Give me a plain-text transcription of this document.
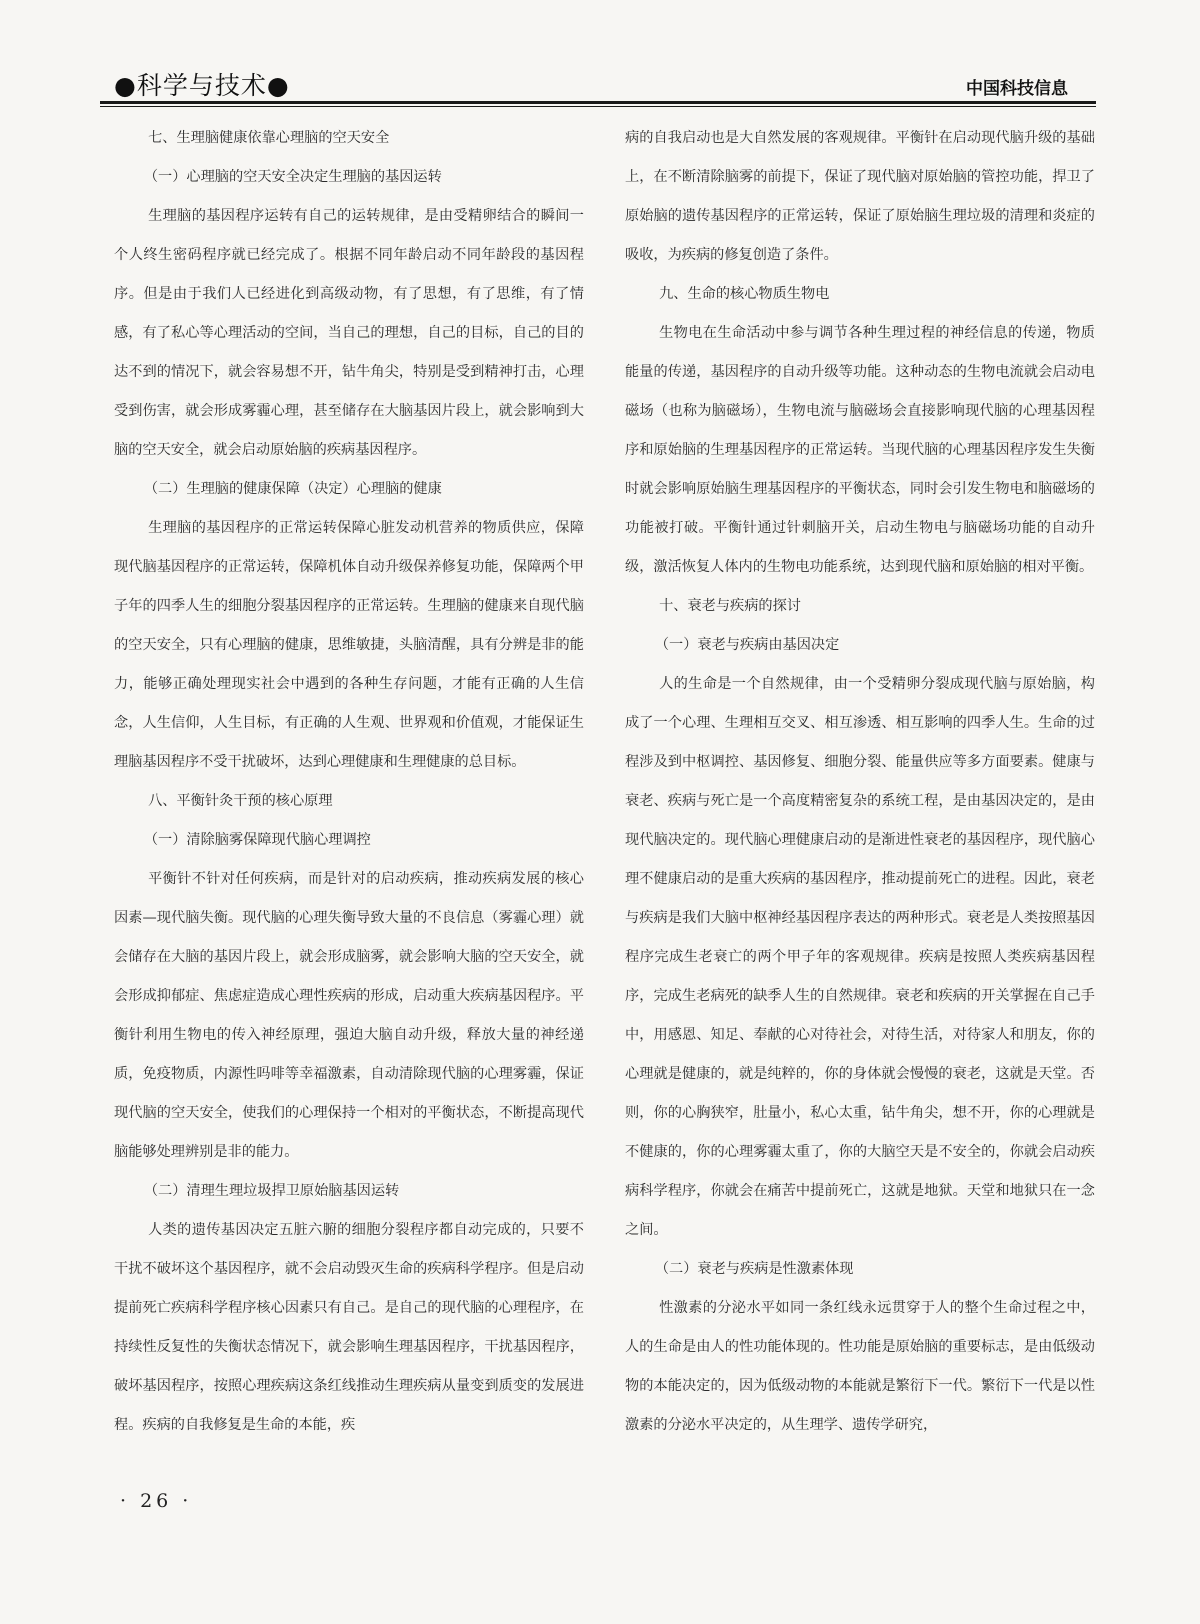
●科学与技术●	中国科技信息
七、生理脑健康依靠心理脑的空天安全
（一）心理脑的空天安全决定生理脑的基因运转

生理脑的基因程序运转有自己的运转规律，是由受精卵结合的瞬间一个人终生密码程序就已经完成了。根据不同年龄启动不同年龄段的基因程序。但是由于我们人已经进化到高级动物，有了思想，有了思维，有了情感，有了私心等心理活动的空间，当自己的理想，自己的目标，自己的目的达不到的情况下，就会容易想不开，钻牛角尖，特别是受到精神打击，心理受到伤害，就会形成雾霾心理，甚至储存在大脑基因片段上，就会影响到大脑的空天安全，就会启动原始脑的疾病基因程序。

（二）生理脑的健康保障（决定）心理脑的健康

生理脑的基因程序的正常运转保障心脏发动机营养的物质供应，保障现代脑基因程序的正常运转，保障机体自动升级保养修复功能，保障两个甲子年的四季人生的细胞分裂基因程序的正常运转。生理脑的健康来自现代脑的空天安全，只有心理脑的健康，思维敏捷，头脑清醒，具有分辨是非的能力，能够正确处理现实社会中遇到的各种生存问题，才能有正确的人生信念，人生信仰，人生目标，有正确的人生观、世界观和价值观，才能保证生理脑基因程序不受干扰破坏，达到心理健康和生理健康的总目标。

八、平衡针灸干预的核心原理
（一）清除脑雾保障现代脑心理调控

平衡针不针对任何疾病，而是针对的启动疾病，推动疾病发展的核心因素—现代脑失衡。现代脑的心理失衡导致大量的不良信息（雾霾心理）就会储存在大脑的基因片段上，就会形成脑雾，就会影响大脑的空天安全，就会形成抑郁症、焦虑症造成心理性疾病的形成，启动重大疾病基因程序。平衡针利用生物电的传入神经原理，强迫大脑自动升级，释放大量的神经递质，免疫物质，内源性吗啡等幸福激素，自动清除现代脑的心理雾霾，保证现代脑的空天安全，使我们的心理保持一个相对的平衡状态，不断提高现代脑能够处理辨别是非的能力。

（二）清理生理垃圾捍卫原始脑基因运转

人类的遗传基因决定五脏六腑的细胞分裂程序都自动完成的，只要不干扰不破坏这个基因程序，就不会启动毁灭生命的疾病科学程序。但是启动提前死亡疾病科学程序核心因素只有自己。是自己的现代脑的心理程序，在持续性反复性的失衡状态情况下，就会影响生理基因程序，干扰基因程序，破坏基因程序，按照心理疾病这条红线推动生理疾病从量变到质变的发展进程。疾病的自我修复是生命的本能，疾

病的自我启动也是大自然发展的客观规律。平衡针在启动现代脑升级的基础上，在不断清除脑雾的前提下，保证了现代脑对原始脑的管控功能，捍卫了原始脑的遗传基因程序的正常运转，保证了原始脑生理垃圾的清理和炎症的吸收，为疾病的修复创造了条件。

九、生命的核心物质生物电

生物电在生命活动中参与调节各种生理过程的神经信息的传递，物质能量的传递，基因程序的自动升级等功能。这种动态的生物电流就会启动电磁场（也称为脑磁场），生物电流与脑磁场会直接影响现代脑的心理基因程序和原始脑的生理基因程序的正常运转。当现代脑的心理基因程序发生失衡时就会影响原始脑生理基因程序的平衡状态，同时会引发生物电和脑磁场的功能被打破。平衡针通过针刺脑开关，启动生物电与脑磁场功能的自动升级，激活恢复人体内的生物电功能系统，达到现代脑和原始脑的相对平衡。

十、衰老与疾病的探讨
（一）衰老与疾病由基因决定

人的生命是一个自然规律，由一个受精卵分裂成现代脑与原始脑，构成了一个心理、生理相互交叉、相互渗透、相互影响的四季人生。生命的过程涉及到中枢调控、基因修复、细胞分裂、能量供应等多方面要素。健康与衰老、疾病与死亡是一个高度精密复杂的系统工程，是由基因决定的，是由现代脑决定的。现代脑心理健康启动的是渐进性衰老的基因程序，现代脑心理不健康启动的是重大疾病的基因程序，推动提前死亡的进程。因此，衰老与疾病是我们大脑中枢神经基因程序表达的两种形式。衰老是人类按照基因程序完成生老衰亡的两个甲子年的客观规律。疾病是按照人类疾病基因程序，完成生老病死的缺季人生的自然规律。衰老和疾病的开关掌握在自己手中，用感恩、知足、奉献的心对待社会，对待生活，对待家人和朋友，你的心理就是健康的，就是纯粹的，你的身体就会慢慢的衰老，这就是天堂。否则，你的心胸狭窄，肚量小，私心太重，钻牛角尖，想不开，你的心理就是不健康的，你的心理雾霾太重了，你的大脑空天是不安全的，你就会启动疾病科学程序，你就会在痛苦中提前死亡，这就是地狱。天堂和地狱只在一念之间。

（二）衰老与疾病是性激素体现

性激素的分泌水平如同一条红线永远贯穿于人的整个生命过程之中，人的生命是由人的性功能体现的。性功能是原始脑的重要标志，是由低级动物的本能决定的，因为低级动物的本能就是繁衍下一代。繁衍下一代是以性激素的分泌水平决定的，从生理学、遗传学研究，

· 26 ·
